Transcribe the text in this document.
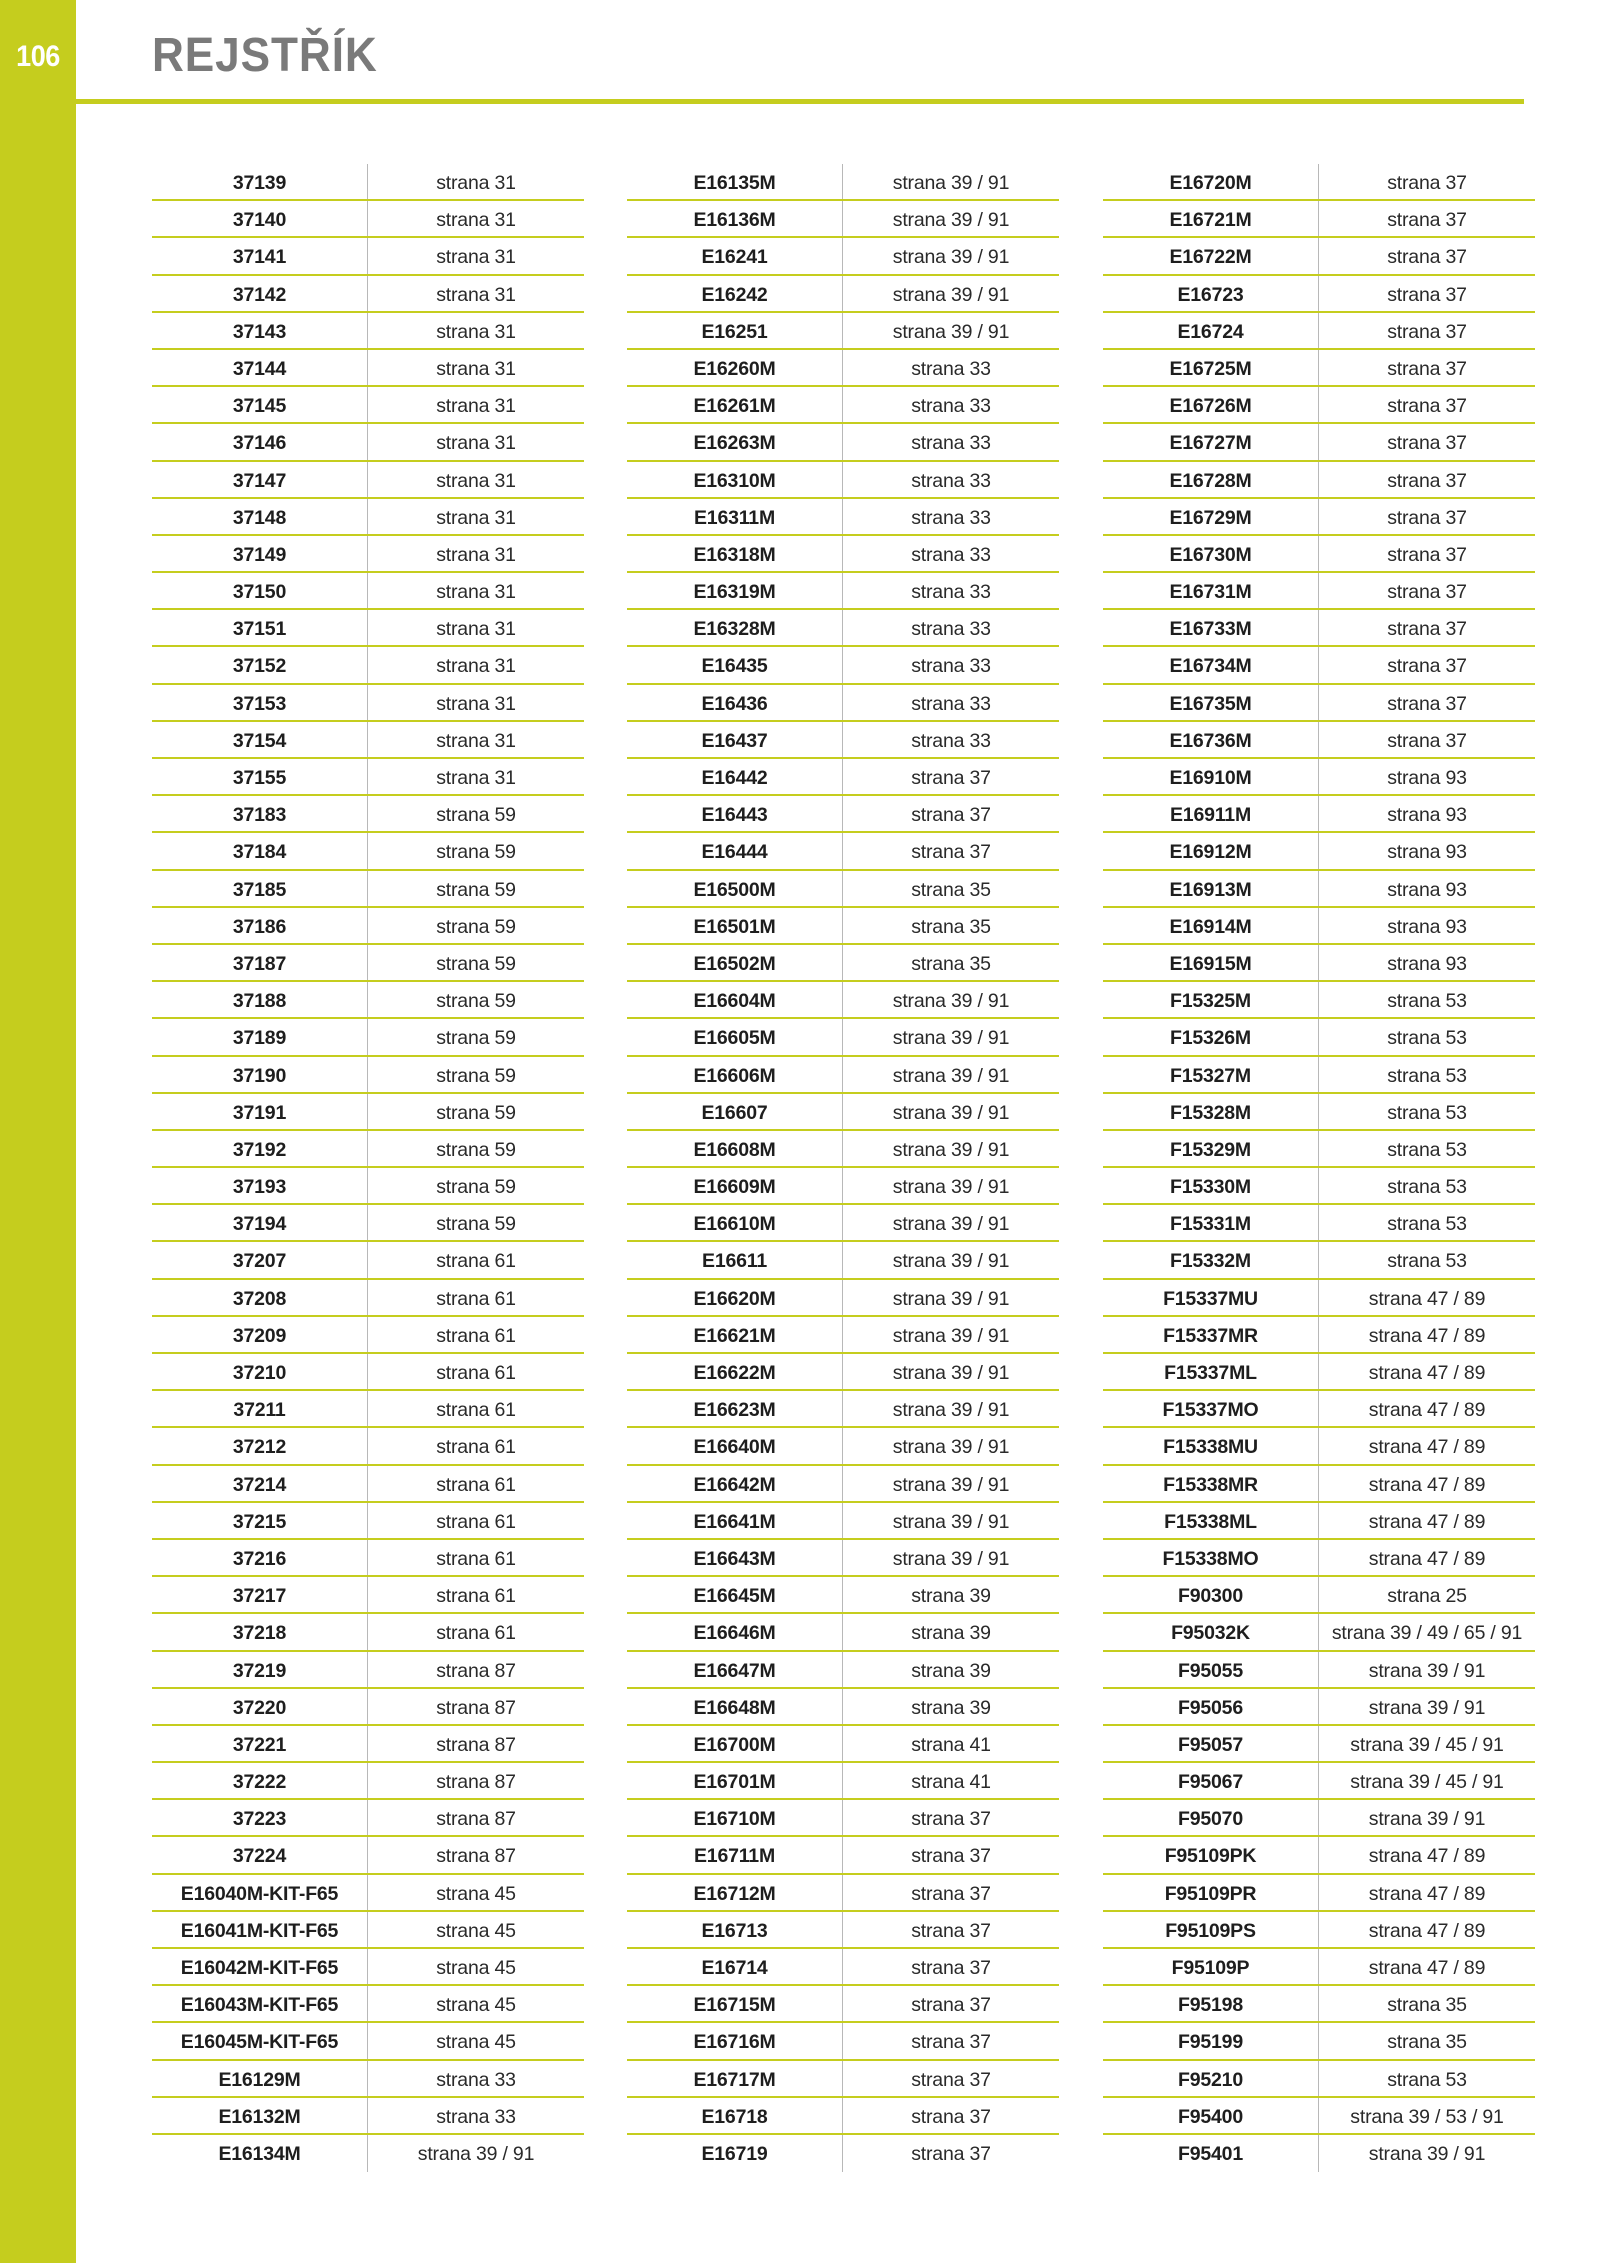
106 REJSTŘÍK
37139	strana 31
37140	strana 31
37141	strana 31
37142	strana 31
37143	strana 31
37144	strana 31
37145	strana 31
37146	strana 31
37147	strana 31
37148	strana 31
37149	strana 31
37150	strana 31
37151	strana 31
37152	strana 31
37153	strana 31
37154	strana 31
37155	strana 31
37183	strana 59
37184	strana 59
37185	strana 59
37186	strana 59
37187	strana 59
37188	strana 59
37189	strana 59
37190	strana 59
37191	strana 59
37192	strana 59
37193	strana 59
37194	strana 59
37207	strana 61
37208	strana 61
37209	strana 61
37210	strana 61
37211	strana 61
37212	strana 61
37214	strana 61
37215	strana 61
37216	strana 61
37217	strana 61
37218	strana 61
37219	strana 87
37220	strana 87
37221	strana 87
37222	strana 87
37223	strana 87
37224	strana 87
E16040M-KIT-F65	strana 45
E16041M-KIT-F65	strana 45
E16042M-KIT-F65	strana 45
E16043M-KIT-F65	strana 45
E16045M-KIT-F65	strana 45
E16129M	strana 33
E16132M	strana 33
E16134M	strana 39 / 91
E16135M	strana 39 / 91
E16136M	strana 39 / 91
E16241	strana 39 / 91
E16242	strana 39 / 91
E16251	strana 39 / 91
E16260M	strana 33
E16261M	strana 33
E16263M	strana 33
E16310M	strana 33
E16311M	strana 33
E16318M	strana 33
E16319M	strana 33
E16328M	strana 33
E16435	strana 33
E16436	strana 33
E16437	strana 33
E16442	strana 37
E16443	strana 37
E16444	strana 37
E16500M	strana 35
E16501M	strana 35
E16502M	strana 35
E16604M	strana 39 / 91
E16605M	strana 39 / 91
E16606M	strana 39 / 91
E16607	strana 39 / 91
E16608M	strana 39 / 91
E16609M	strana 39 / 91
E16610M	strana 39 / 91
E16611	strana 39 / 91
E16620M	strana 39 / 91
E16621M	strana 39 / 91
E16622M	strana 39 / 91
E16623M	strana 39 / 91
E16640M	strana 39 / 91
E16642M	strana 39 / 91
E16641M	strana 39 / 91
E16643M	strana 39 / 91
E16645M	strana 39
E16646M	strana 39
E16647M	strana 39
E16648M	strana 39
E16700M	strana 41
E16701M	strana 41
E16710M	strana 37
E16711M	strana 37
E16712M	strana 37
E16713	strana 37
E16714	strana 37
E16715M	strana 37
E16716M	strana 37
E16717M	strana 37
E16718	strana 37
E16719	strana 37
E16720M	strana 37
E16721M	strana 37
E16722M	strana 37
E16723	strana 37
E16724	strana 37
E16725M	strana 37
E16726M	strana 37
E16727M	strana 37
E16728M	strana 37
E16729M	strana 37
E16730M	strana 37
E16731M	strana 37
E16733M	strana 37
E16734M	strana 37
E16735M	strana 37
E16736M	strana 37
E16910M	strana 93
E16911M	strana 93
E16912M	strana 93
E16913M	strana 93
E16914M	strana 93
E16915M	strana 93
F15325M	strana 53
F15326M	strana 53
F15327M	strana 53
F15328M	strana 53
F15329M	strana 53
F15330M	strana 53
F15331M	strana 53
F15332M	strana 53
F15337MU	strana 47 / 89
F15337MR	strana 47 / 89
F15337ML	strana 47 / 89
F15337MO	strana 47 / 89
F15338MU	strana 47 / 89
F15338MR	strana 47 / 89
F15338ML	strana 47 / 89
F15338MO	strana 47 / 89
F90300	strana 25
F95032K	strana 39 / 49 / 65 / 91
F95055	strana 39 / 91
F95056	strana 39 / 91
F95057	strana 39 / 45 / 91
F95067	strana 39 / 45 / 91
F95070	strana 39 / 91
F95109PK	strana 47 / 89
F95109PR	strana 47 / 89
F95109PS	strana 47 / 89
F95109P	strana 47 / 89
F95198	strana 35
F95199	strana 35
F95210	strana 53
F95400	strana 39 / 53 / 91
F95401	strana 39 / 91
